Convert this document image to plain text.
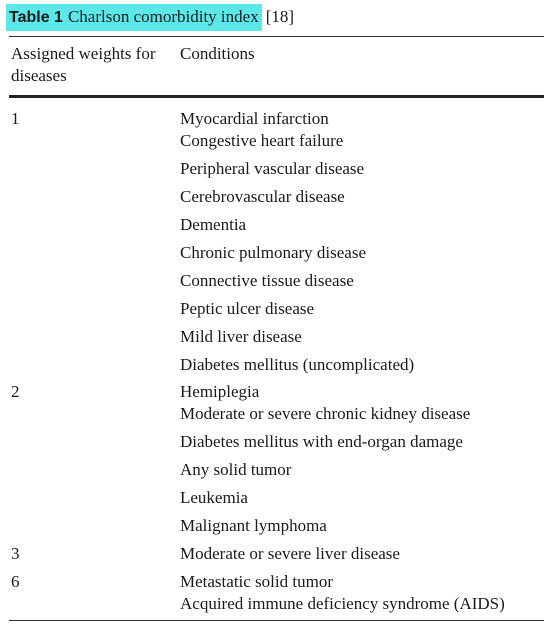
Table 1 Charlson comorbidity index [18]
Assigned weights for diseases
Conditions
1	Myocardial infarction
Congestive heart failure
Peripheral vascular disease
Cerebrovascular disease
Dementia
Chronic pulmonary disease
Connective tissue disease
Peptic ulcer disease
Mild liver disease
Diabetes mellitus (uncomplicated)
2	Hemiplegia
Moderate or severe chronic kidney disease
Diabetes mellitus with end-organ damage
Any solid tumor
Leukemia
Malignant lymphoma
3	Moderate or severe liver disease
6	Metastatic solid tumor
Acquired immune deficiency syndrome (AIDS)
